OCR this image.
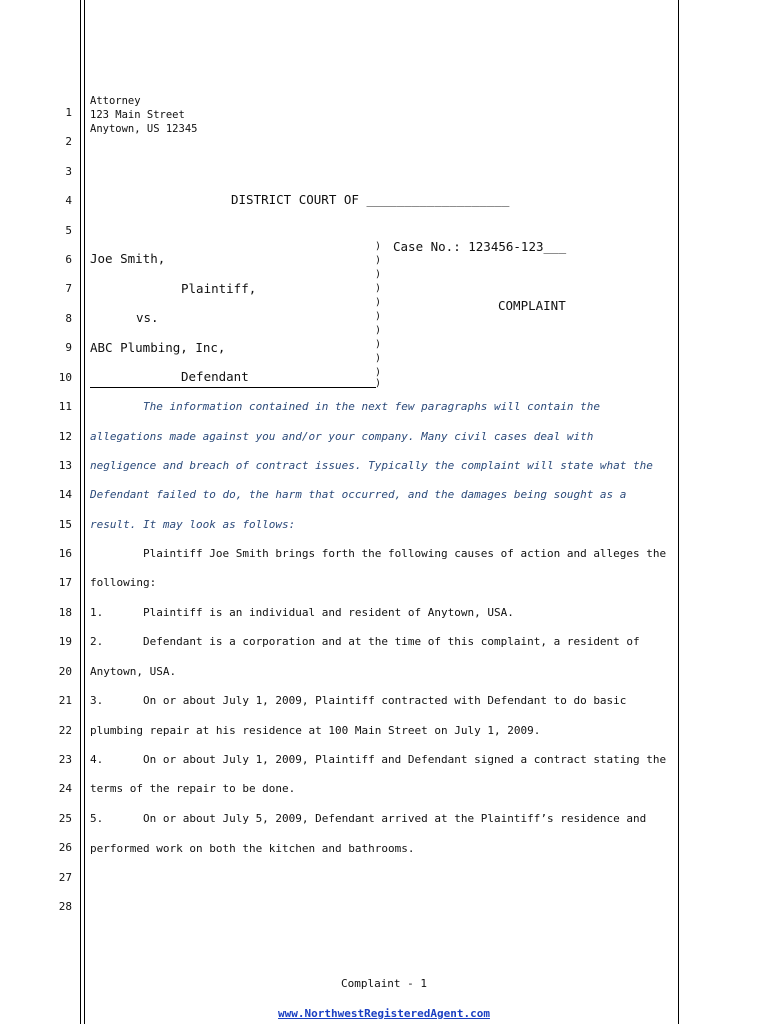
1
2
3
4
5
6
7
8
9
10
11
12
13
14
15
16
17
18
19
20
21
22
23
24
25
26
27
28
Attorney
123 Main Street
Anytown, US 12345
DISTRICT COURT OF ___________________
Joe Smith,
Plaintiff,
vs.
ABC Plumbing, Inc,
Defendant
)
)
)
)
)
)
)
)
)
)
)
Case No.: 123456-123___
COMPLAINT
The information contained in the next few paragraphs will contain the
allegations made against you and/or your company. Many civil cases deal with
negligence and breach of contract issues. Typically the complaint will state what the
Defendant failed to do, the harm that occurred, and the damages being sought as a
result. It may look as follows:
Plaintiff Joe Smith brings forth the following causes of action and alleges the
following:
1.      Plaintiff is an individual and resident of Anytown, USA.
2.      Defendant is a corporation and at the time of this complaint, a resident of
Anytown, USA.
3.      On or about July 1, 2009, Plaintiff contracted with Defendant to do basic
plumbing repair at his residence at 100 Main Street on July 1, 2009.
4.      On or about July 1, 2009, Plaintiff and Defendant signed a contract stating the
terms of the repair to be done.
5.      On or about July 5, 2009, Defendant arrived at the Plaintiff’s residence and
performed work on both the kitchen and bathrooms.
Complaint - 1
www.NorthwestRegisteredAgent.com
